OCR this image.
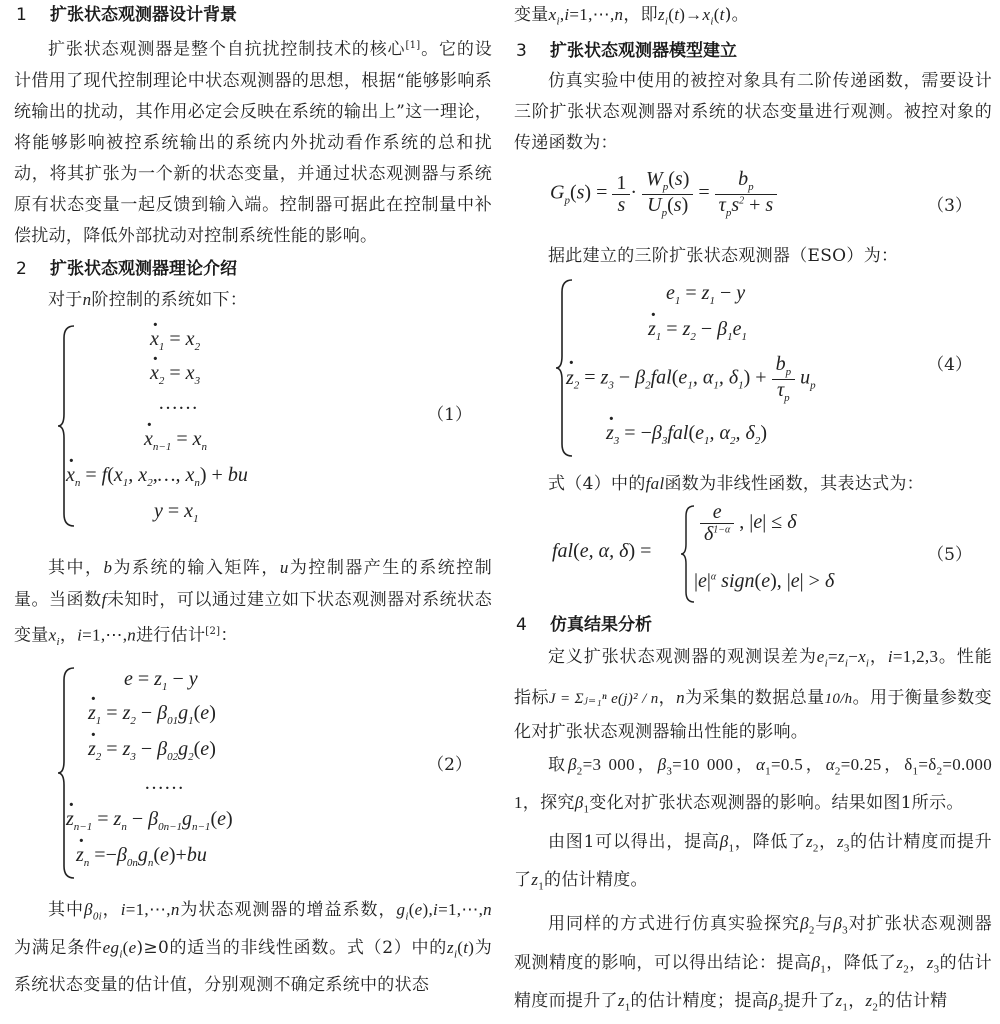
1 扩张状态观测器设计背景

扩张状态观测器是整个自抗扰控制技术的核心[1]。它的设计借用了现代控制理论中状态观测器的思想，根据“能够影响系统输出的扰动，其作用必定会反映在系统的输出上”这一理论，将能够影响被控系统输出的系统内外扰动看作系统的总和扰动，将其扩张为一个新的状态变量，并通过状态观测器与系统原有状态变量一起反馈到输入端。控制器可据此在控制量中补偿扰动，降低外部扰动对控制系统性能的影响。

2 扩张状态观测器理论介绍

对于n阶控制的系统如下：

$x \cdot_1 = x_2$
$x \cdot_2 = x_3$
……
$x \cdot_{n-1} = x_n$
$x \cdot_n = f(x_1$, $x_2,\dots$, $x_n$) + bu
$y = x_1$
（1）

其中，b为系统的输入矩阵，u为控制器产生的系统控制量。当函数f未知时，可以通过建立如下状态观测器对系统状态变量$x_i$，i=1,⋯,n进行估计[2]：

$e = z_1 - y$
$z \cdot_1 = z_2 - \beta_{01}g_1(e)$
$z \cdot_2 = z_3 - \beta_{02}g_2(e)$
……
$z \cdot_{n-1} = z_n - \beta_{0n-1}g_{n-1}(e)$
$z \cdot_n =-\beta_{0n}g_n(e)+bu$
（2）

其中$\beta_{0i}$，i=1,⋯,n为状态观测器的增益系数，$g_i(e),i=1,\cdots,n$为满足条件$eg_i(e)\ge 0$的适当的非线性函数。式（2）中的$z_i(t)$为系统状态变量的估计值，分别观测不确定系统中的状态

变量$x_i,i=1,\cdots,n$，即$z_i(t)\to x_i(t)$。

3 扩张状态观测器模型建立

仿真实验中使用的被控对象具有二阶传递函数，需要设计三阶扩张状态观测器对系统的状态变量进行观测。被控对象的传递函数为：

$G_p(s) = \frac{1}{s} \cdot \frac{W_p(s)}{U_p(s)} = \frac{b_p}{\tau_ps^2 + s}$	（3）

据此建立的三阶扩张状态观测器（ESO）为：

$e_1 = z_1 - y$
$z \cdot_1 = z_2 - \beta_1e_1$
$z \cdot_2 = z_3 - \beta_2fal(e_1$, $\alpha_1$, $\delta_1) + \frac{b_p}{\tau_p} u_p$
$z \cdot_3 = -\beta_3fal(e_1$, $\alpha_2$, $\delta_2$)
（4）

式（4）中的fal函数为非线性函数，其表达式为：

fal(e, α, δ) =
$\frac{e}{\delta^{1-\alpha}}$ , |e| ≤ δ
$|e|^\alpha$ sign(e), |e| > δ
（5）
4 仿真结果分析

定义扩张状态观测器的观测误差为$e_i=z_i-x_i$，i=1,2,3。性能指标J = Σⱼ₌₁ⁿ e(j)² / n，n为采集的数据总量10/h。用于衡量参数变化对扩张状态观测器输出性能的影响。

取$\beta_2=3$ 000，$\beta_3=10$ 000，$\alpha_1=0.5$，$\alpha_2=0.25$，$\delta_1=\delta_2=0.000$ 1，探究$\beta_1$变化对扩张状态观测器的影响。结果如图1所示。

由图1可以得出，提高$\beta_1$，降低了$z_2$，$z_3$的估计精度而提升了$z_1$的估计精度。

用同样的方式进行仿真实验探究$\beta_2$与$\beta_3$对扩张状态观测器观测精度的影响，可以得出结论：提高$\beta_1$，降低了$z_2$，$z_3$的估计精度而提升了$z_1$的估计精度；提高$\beta_2$提升了$z_1$，$z_2$的估计精
